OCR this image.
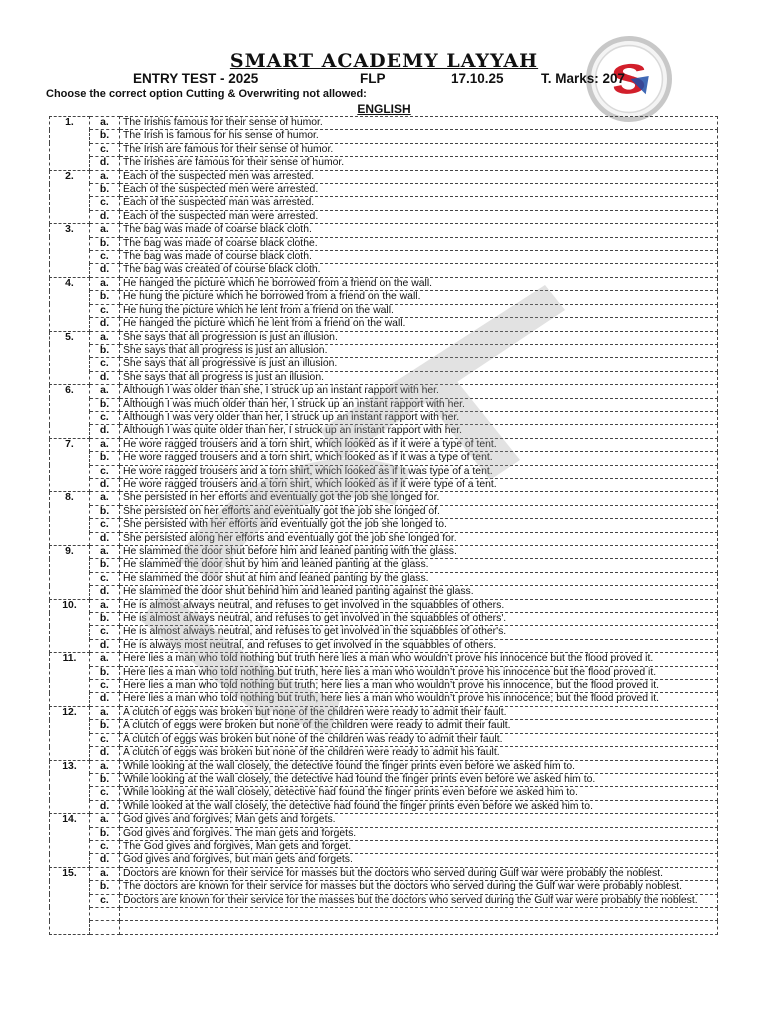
SMART ACADEMY LAYYAH
ENTRY TEST - 2025	FLP	17.10.25	T. Marks: 207
Choose the correct option Cutting & Overwriting not allowed:
ENGLISH
1.	a.	The Irishis famous for their sense of humor.
	b.	The Irish is famous for his sense of humor.
	c.	The Irish are famous for their sense of humor.
	d.	The Irishes are famous for their sense of humor.
2.	a.	Each of the suspected men was arrested.
	b.	Each of the suspected men were arrested.
	c.	Each of the suspected man was arrested.
	d.	Each of the suspected man were arrested.
3.	a.	The bag was made of coarse black cloth.
	b.	The bag was made of coarse black clothe.
	c.	The bag was made of course black cloth.
	d.	The bag was created of course black cloth.
4.	a.	He hanged the picture which he borrowed from a friend on the wall.
	b.	He hung the picture which he borrowed from a friend on the wall.
	c.	He hung the picture which he lent from a friend on the wall.
	d.	He hanged the picture which he lent from a friend on the wall.
5.	a.	She says that all progression is just an illusion.
	b.	She says that all progress is just an allusion.
	c.	She says that all progressive is just an illusion.
	d.	She says that all progress is just an illusion.
6.	a.	Although I was older than she, I struck up an instant rapport with her.
	b.	Although I was much older than her, I struck up an instant rapport with her.
	c.	Although I was very older than her, I struck up an instant rapport with her.
	d.	Although I was quite older than her, I struck up an instant rapport with her.
7.	a.	He wore ragged trousers and a torn shirt, which looked as if it were a type of tent.
	b.	He wore ragged trousers and a torn shirt, which looked as if it was a type of tent.
	c.	He wore ragged trousers and a torn shirt, which looked as if it was type of a tent.
	d.	He wore ragged trousers and a torn shirt, which looked as if it were type of a tent.
8.	a.	She persisted in her efforts and eventually got the job she longed for.
	b.	She persisted on her efforts and eventually got the job she longed of.
	c.	She persisted with her efforts and eventually got the job she longed to.
	d.	She persisted along her efforts and eventually got the job she longed for.
9.	a.	He slammed the door shut before him and leaned panting with the glass.
	b.	He slammed the door shut by him and leaned panting at the glass.
	c.	He slammed the door shut at him and leaned panting by the glass.
	d.	He slammed the door shut behind him and leaned panting against the glass.
10.	a.	He is almost always neutral, and refuses to get involved in the squabbles of others.
	b.	He is almost always neutral, and refuses to get involved in the squabbles of others'.
	c.	He is almost always neutral, and refuses to get involved in the squabbles of other's.
	d.	He is always most neutral, and refuses to get involved in the squabbles of others.
11.	a.	Here lies a man who told nothing but truth here lies a man who wouldn’t prove his innocence but the flood proved it.
	b.	Here lies a man who told nothing but truth, here lies a man who wouldn’t prove his innocence but the flood proved it.
	c.	Here lies a man who told nothing but truth; here lies a man who wouldn’t prove his innocence, but the flood proved it.
	d.	Here lies a man who told nothing but truth, here lies a man who wouldn’t prove his innocence; but the flood proved it.
12.	a.	A clutch of eggs was broken but none of the children were ready to admit their fault.
	b.	A clutch of eggs were broken but none of the children were ready to admit their fault.
	c.	A clutch of eggs was broken but none of the children was ready to admit their fault.
	d.	A clutch of eggs was broken but none of the children were ready to admit his fault.
13.	a.	While looking at the wall closely, the detective found the finger prints even before we asked him to.
	b.	While looking at the wall closely, the detective had found the finger prints even before we asked him to.
	c.	While looking at the wall closely, detective had found the finger prints even before we asked him to.
	d.	While looked at the wall closely, the detective had found the finger prints even before we asked him to.
14.	a.	God gives and forgives; Man gets and forgets.
	b.	God gives and forgives. The man gets and forgets.
	c.	The God gives and forgives, Man gets and forget.
	d.	God gives and forgives, but man gets and forgets.
15.	a.	Doctors are known for their service for masses but the doctors who served during Gulf war were probably the noblest.
	b.	The doctors are known for their service for masses but the doctors who served during the Gulf war were probably noblest.
	c.	Doctors are known for their service for the masses but the doctors who served during the Gulf war were probably the noblest.
